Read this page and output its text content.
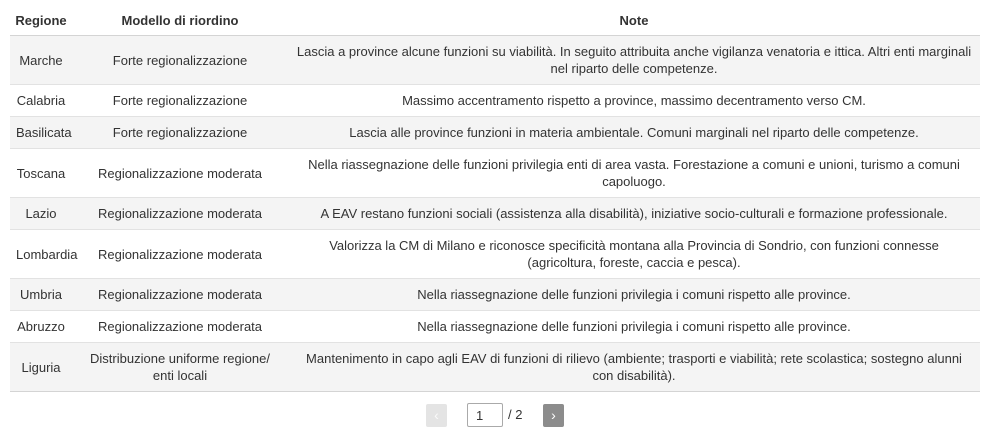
Regione	Modello di riordino	Note
Marche	Forte regionalizzazione	Lascia a province alcune funzioni su viabilità. In seguito attribuita anche vigilanza venatoria e ittica. Altri enti marginali nel riparto delle competenze.
Calabria	Forte regionalizzazione	Massimo accentramento rispetto a province, massimo decentramento verso CM.
Basilicata	Forte regionalizzazione	Lascia alle province funzioni in materia ambientale. Comuni marginali nel riparto delle competenze.
Toscana	Regionalizzazione moderata	Nella riassegnazione delle funzioni privilegia enti di area vasta. Forestazione a comuni e unioni, turismo a comuni capoluogo.
Lazio	Regionalizzazione moderata	A EAV restano funzioni sociali (assistenza alla disabilità), iniziative socio-culturali e formazione professionale.
Lombardia	Regionalizzazione moderata	Valorizza la CM di Milano e riconosce specificità montana alla Provincia di Sondrio, con funzioni connesse (agricoltura, foreste, caccia e pesca).
Umbria	Regionalizzazione moderata	Nella riassegnazione delle funzioni privilegia i comuni rispetto alle province.
Abruzzo	Regionalizzazione moderata	Nella riassegnazione delle funzioni privilegia i comuni rispetto alle province.
Liguria	Distribuzione uniforme regione/ enti locali	Mantenimento in capo agli EAV di funzioni di rilievo (ambiente; trasporti e viabilità; rete scolastica; sostegno alunni con disabilità).
‹
1	/ 2	›
